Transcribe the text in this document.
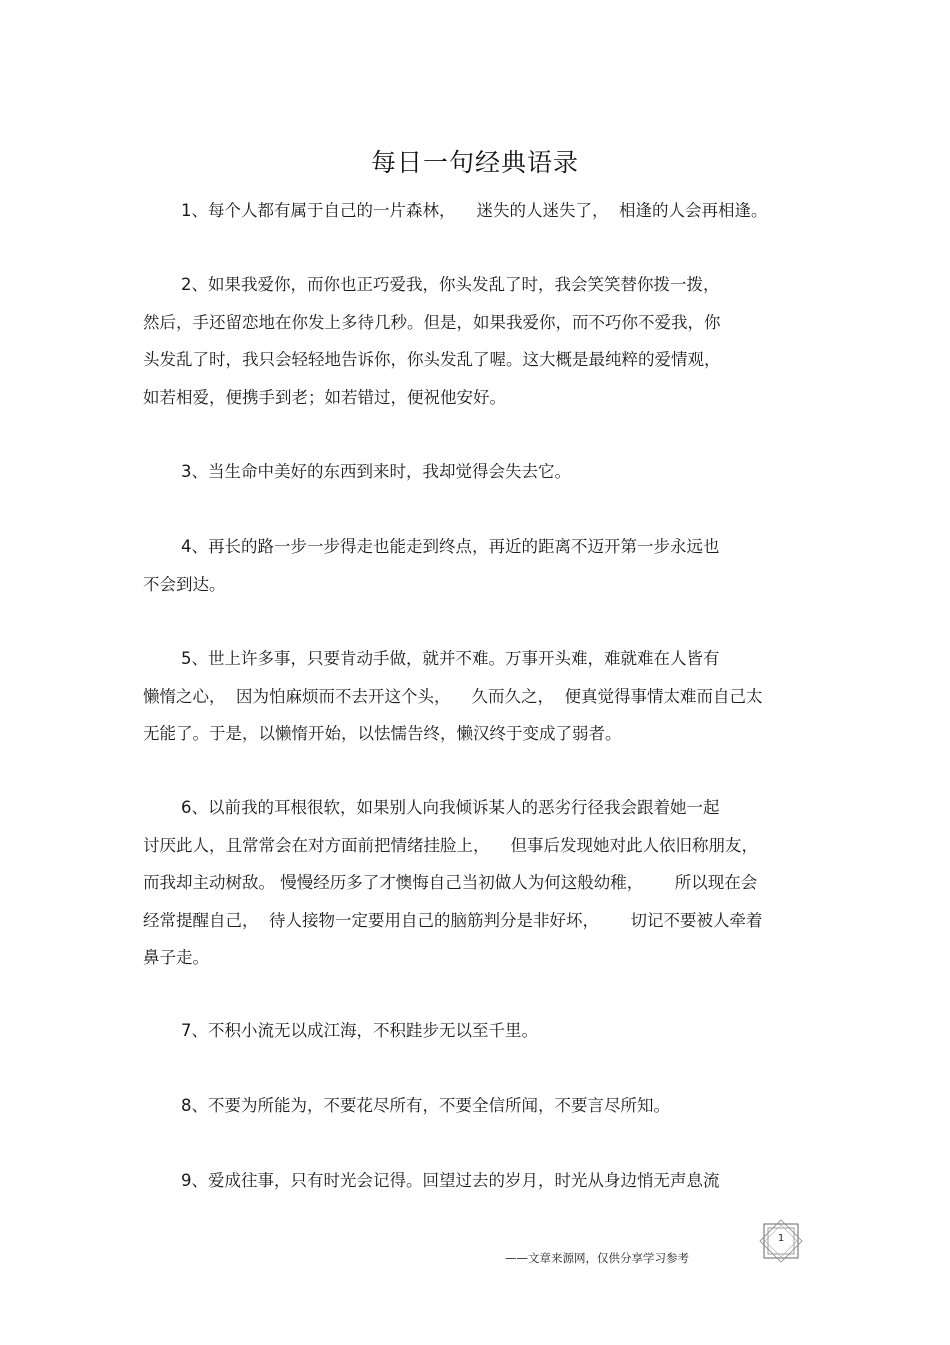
每日一句经典语录
1、每个人都有属于自己的一片森林，    迷失的人迷失了，  相逢的人会再相逢。
2、如果我爱你，而你也正巧爱我，你头发乱了时，我会笑笑替你拨一拨，
然后，手还留恋地在你发上多待几秒。但是，如果我爱你，而不巧你不爱我，你
头发乱了时，我只会轻轻地告诉你，你头发乱了喔。这大概是最纯粹的爱情观，
如若相爱，便携手到老；如若错过，便祝他安好。
3、当生命中美好的东西到来时，我却觉得会失去它。
4、再长的路一步一步得走也能走到终点，再近的距离不迈开第一步永远也
不会到达。
5、世上许多事，只要肯动手做，就并不难。万事开头难，难就难在人皆有
懒惰之心，  因为怕麻烦而不去开这个头，    久而久之，  便真觉得事情太难而自己太
无能了。于是，以懒惰开始，以怯懦告终，懒汉终于变成了弱者。
6、以前我的耳根很软，如果别人向我倾诉某人的恶劣行径我会跟着她一起
讨厌此人，且常常会在对方面前把情绪挂脸上，    但事后发现她对此人依旧称朋友，
而我却主动树敌。 慢慢经历多了才懊悔自己当初做人为何这般幼稚，      所以现在会
经常提醒自己，  待人接物一定要用自己的脑筋判分是非好坏，      切记不要被人牵着
鼻子走。
7、不积小流无以成江海，不积跬步无以至千里。
8、不要为所能为，不要花尽所有，不要全信所闻，不要言尽所知。
9、爱成往事，只有时光会记得。回望过去的岁月，时光从身边悄无声息流
1
——文章来源网，仅供分享学习参考
